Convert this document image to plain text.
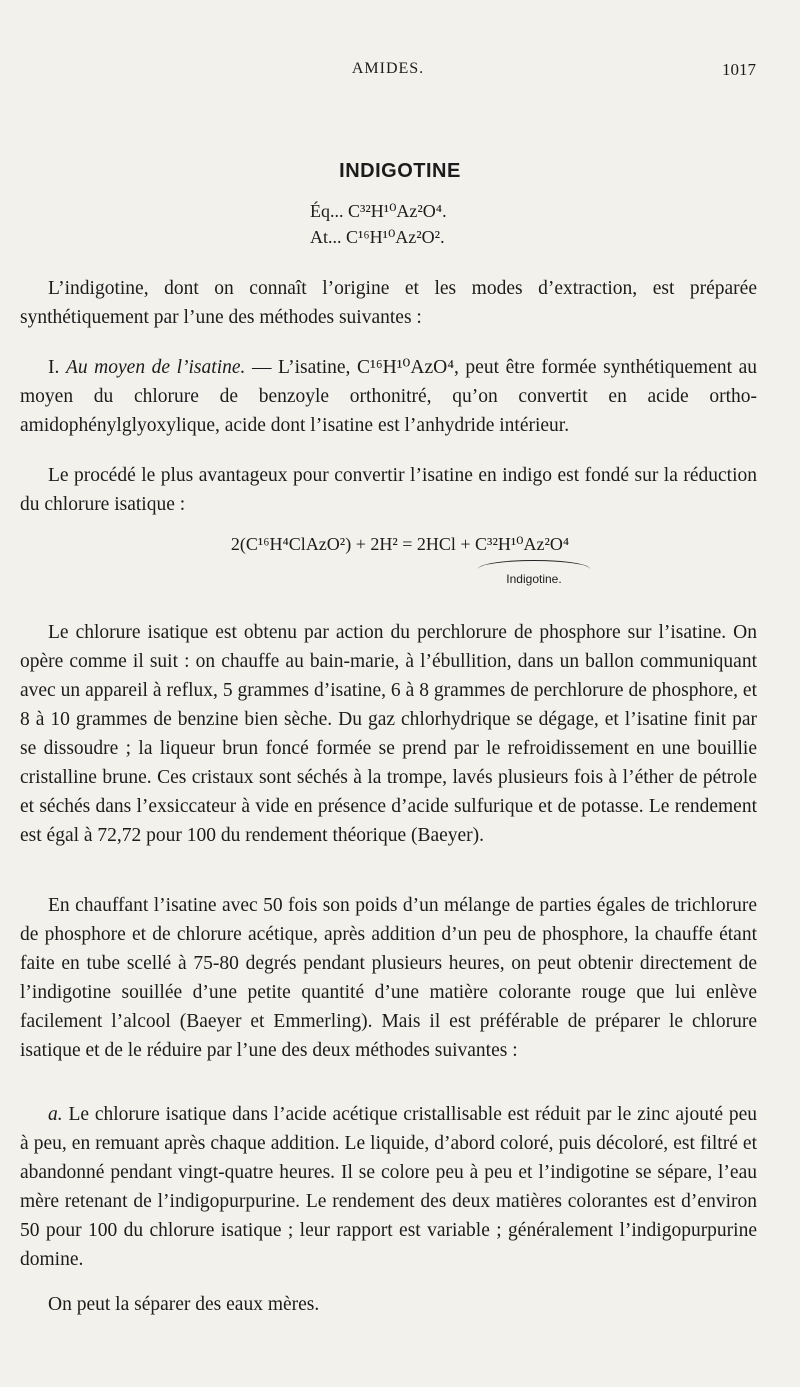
AMIDES.	1017
INDIGOTINE
Éq... C³²H¹⁰Az²O⁴.
At... C¹⁶H¹⁰Az²O².

L’indigotine, dont on connaît l’origine et les modes d’extraction, est préparée synthétiquement par l’une des méthodes suivantes :

I. Au moyen de l’isatine. — L’isatine, C¹⁶H¹⁰AzO⁴, peut être formée synthétiquement au moyen du chlorure de benzoyle orthonitré, qu’on convertit en acide ortho-amidophénylglyoxylique, acide dont l’isatine est l’anhydride intérieur.

Le procédé le plus avantageux pour convertir l’isatine en indigo est fondé sur la réduction du chlorure isatique :

2(C¹⁶H⁴ClAzO²) + 2H² = 2HCl + C³²H¹⁰Az²O⁴
Indigotine.

Le chlorure isatique est obtenu par action du perchlorure de phosphore sur l’isatine. On opère comme il suit : on chauffe au bain-marie, à l’ébullition, dans un ballon communiquant avec un appareil à reflux, 5 grammes d’isatine, 6 à 8 grammes de perchlorure de phosphore, et 8 à 10 grammes de benzine bien sèche. Du gaz chlorhydrique se dégage, et l’isatine finit par se dissoudre ; la liqueur brun foncé formée se prend par le refroidissement en une bouillie cristalline brune. Ces cristaux sont séchés à la trompe, lavés plusieurs fois à l’éther de pétrole et séchés dans l’exsiccateur à vide en présence d’acide sulfurique et de potasse. Le rendement est égal à 72,72 pour 100 du rendement théorique (Baeyer).

En chauffant l’isatine avec 50 fois son poids d’un mélange de parties égales de trichlorure de phosphore et de chlorure acétique, après addition d’un peu de phosphore, la chauffe étant faite en tube scellé à 75-80 degrés pendant plusieurs heures, on peut obtenir directement de l’indigotine souillée d’une petite quantité d’une matière colorante rouge que lui enlève facilement l’alcool (Baeyer et Emmerling). Mais il est préférable de préparer le chlorure isatique et de le réduire par l’une des deux méthodes suivantes :

a. Le chlorure isatique dans l’acide acétique cristallisable est réduit par le zinc ajouté peu à peu, en remuant après chaque addition. Le liquide, d’abord coloré, puis décoloré, est filtré et abandonné pendant vingt-quatre heures. Il se colore peu à peu et l’indigotine se sépare, l’eau mère retenant de l’indigopurpurine. Le rendement des deux matières colorantes est d’environ 50 pour 100 du chlorure isatique ; leur rapport est variable ; généralement l’indigopurpurine domine.

On peut la séparer des eaux mères.
